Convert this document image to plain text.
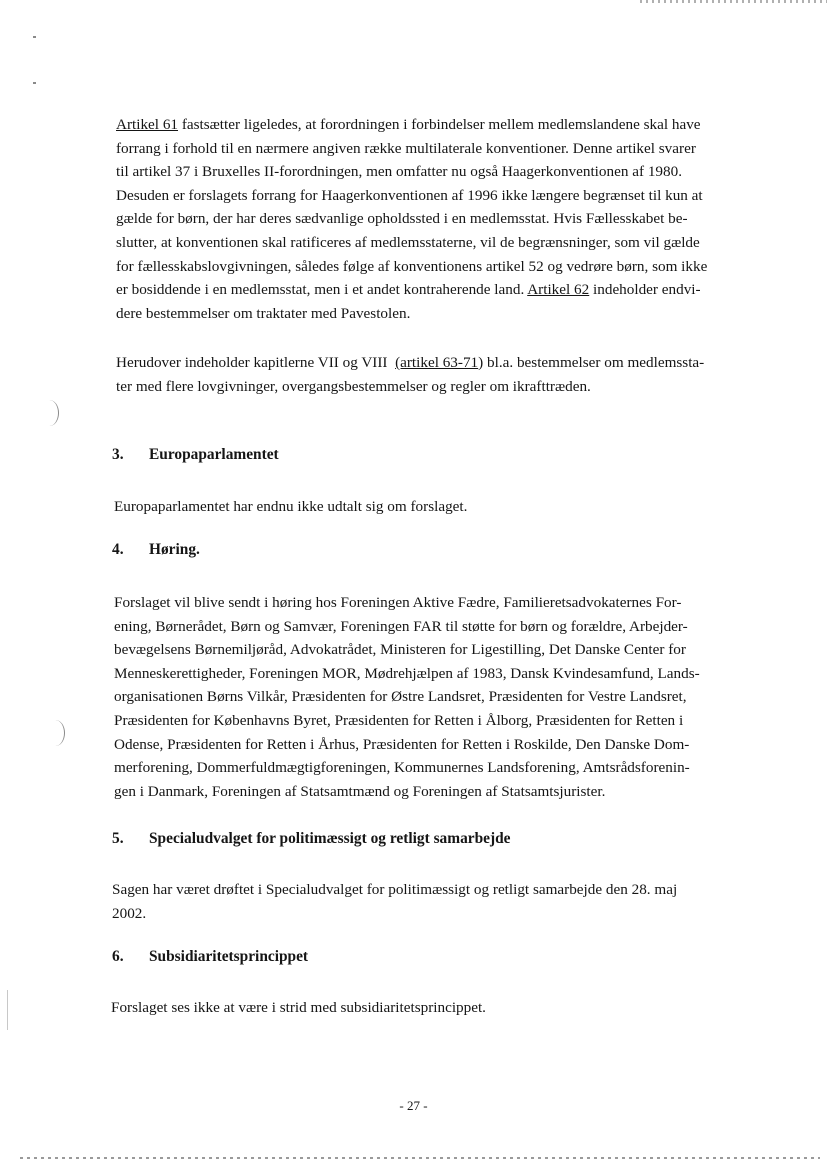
Artikel 61 fastsætter ligeledes, at forordningen i forbindelser mellem medlemslandene skal have
forrang i forhold til en nærmere angiven række multilaterale konventioner. Denne artikel svarer
til artikel 37 i Bruxelles II-forordningen, men omfatter nu også Haagerkonventionen af 1980.
Desuden er forslagets forrang for Haagerkonventionen af 1996 ikke længere begrænset til kun at
gælde for børn, der har deres sædvanlige opholdssted i en medlemsstat. Hvis Fællesskabet be-
slutter, at konventionen skal ratificeres af medlemsstaterne, vil de begrænsninger, som vil gælde
for fællesskabslovgivningen, således følge af konventionens artikel 52 og vedrøre børn, som ikke
er bosiddende i en medlemsstat, men i et andet kontraherende land. Artikel 62 indeholder endvi-
dere bestemmelser om traktater med Pavestolen.

Herudover indeholder kapitlerne VII og VIII (artikel 63-71) bl.a. bestemmelser om medlemssta-
ter med flere lovgivninger, overgangsbestemmelser og regler om ikrafttræden.

3. Europaparlamentet

Europaparlamentet har endnu ikke udtalt sig om forslaget.

4. Høring.

Forslaget vil blive sendt i høring hos Foreningen Aktive Fædre, Familieretsadvokaternes For-
ening, Børnerådet, Børn og Samvær, Foreningen FAR til støtte for børn og forældre, Arbejder-
bevægelsens Børnemiljøråd, Advokatrådet, Ministeren for Ligestilling, Det Danske Center for
Menneskerettigheder, Foreningen MOR, Mødrehjælpen af 1983, Dansk Kvindesamfund, Lands-
organisationen Børns Vilkår, Præsidenten for Østre Landsret, Præsidenten for Vestre Landsret,
Præsidenten for Københavns Byret, Præsidenten for Retten i Ålborg, Præsidenten for Retten i
Odense, Præsidenten for Retten i Århus, Præsidenten for Retten i Roskilde, Den Danske Dom-
merforening, Dommerfuldmægtigforeningen, Kommunernes Landsforening, Amtsrådsforenin-
gen i Danmark, Foreningen af Statsamtmænd og Foreningen af Statsamtsjurister.

5. Specialudvalget for politimæssigt og retligt samarbejde

Sagen har været drøftet i Specialudvalget for politimæssigt og retligt samarbejde den 28. maj
2002.

6. Subsidiaritetsprincippet

Forslaget ses ikke at være i strid med subsidiaritetsprincippet.

- 27 -
